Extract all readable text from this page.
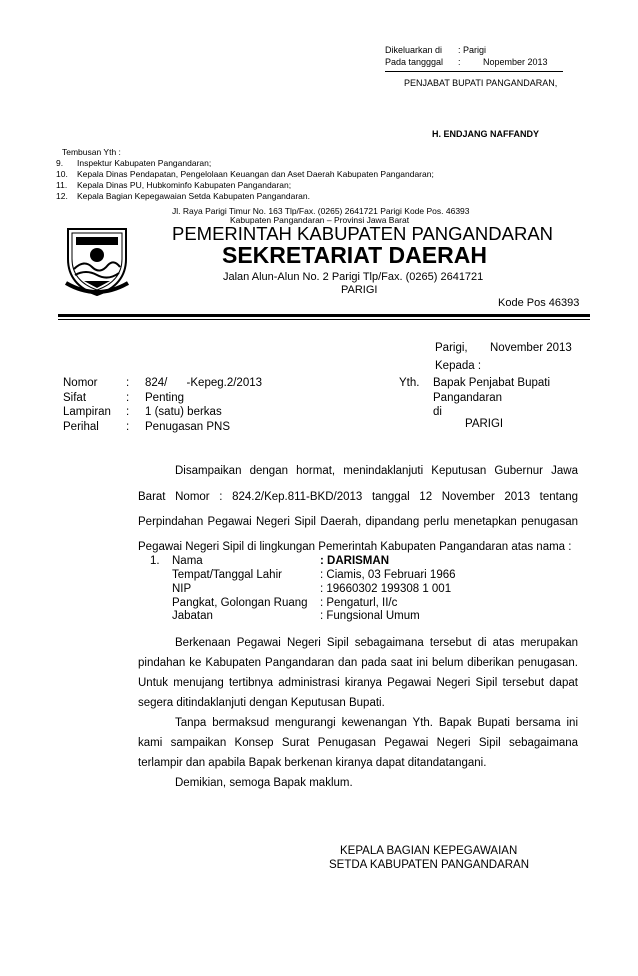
Dikeluarkan di : Parigi
Pada tangggal : Nopember 2013
PENJABAT BUPATI PANGANDARAN,
H. ENDJANG NAFFANDY
Tembusan Yth :
9. Inspektur Kabupaten Pangandaran;
10. Kepala Dinas Pendapatan, Pengelolaan Keuangan dan Aset Daerah Kabupaten Pangandaran;
11. Kepala Dinas PU, Hubkominfo Kabupaten Pangandaran;
12. Kepala Bagian Kepegawaian Setda Kabupaten Pangandaran.
Jl. Raya Parigi Timur No. 163 Tlp/Fax. (0265) 2641721 Parigi Kode Pos. 46393
Kabupaten Pangandaran – Provinsi Jawa Barat
PEMERINTAH KABUPATEN PANGANDARAN
SEKRETARIAT DAERAH
Jalan Alun-Alun No. 2 Parigi Tlp/Fax. (0265) 2641721
PARIGI
Kode Pos 46393
Parigi, November 2013
Kepada :
Yth. Bapak Penjabat Bupati
Pangandaran
di
PARIGI
Nomor : 824/      -Kepeg.2/2013
Sifat	: Penting
Lampiran : 1 (satu) berkas
Perihal : Penugasan PNS
Disampaikan dengan hormat, menindaklanjuti Keputusan Gubernur Jawa
Barat Nomor : 824.2/Kep.811-BKD/2013 tanggal 12 November 2013 tentang
Perpindahan Pegawai Negeri Sipil Daerah, dipandang perlu menetapkan penugasan
Pegawai Negeri Sipil di lingkungan Pemerintah Kabupaten Pangandaran atas nama :
1. Nama	: DARISMAN
Tempat/Tanggal Lahir	: Ciamis, 03 Februari 1966
NIP	: 19660302 199308 1 001
Pangkat, Golongan Ruang : Pengaturl, II/c
Jabatan	: Fungsional Umum
Berkenaan Pegawai Negeri Sipil sebagaimana tersebut di atas merupakan
pindahan ke Kabupaten Pangandaran dan pada saat ini belum diberikan penugasan.
Untuk menujang tertibnya administrasi kiranya Pegawai Negeri Sipil tersebut dapat
segera ditindaklanjuti dengan Keputusan Bupati.
Tanpa bermaksud mengurangi kewenangan Yth. Bapak Bupati bersama ini
kami sampaikan Konsep Surat Penugasan Pegawai Negeri Sipil sebagaimana
terlampir dan apabila Bapak berkenan kiranya dapat ditandatangani.
Demikian, semoga Bapak maklum.
KEPALA BAGIAN KEPEGAWAIAN
SETDA KABUPATEN PANGANDARAN
